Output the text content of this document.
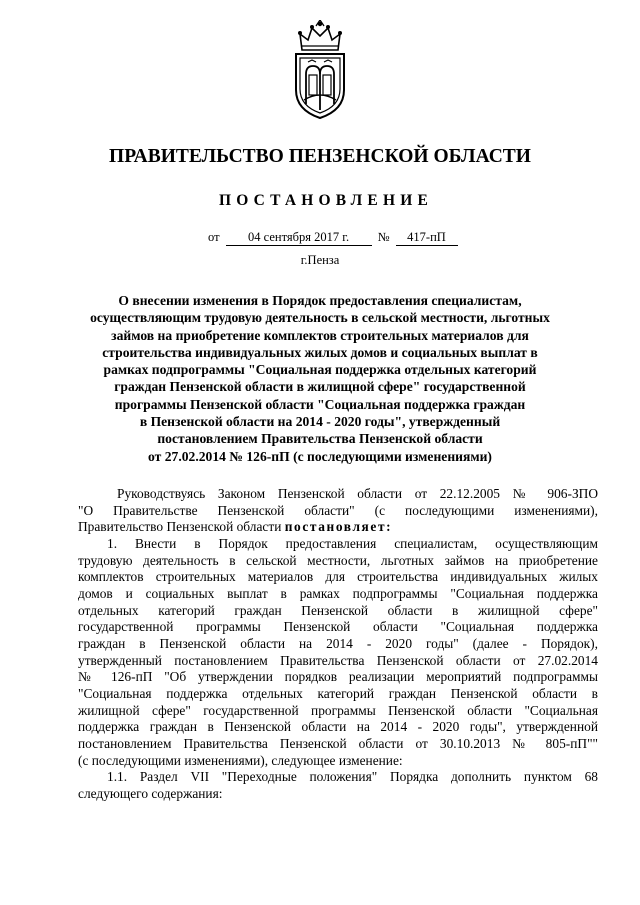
ПРАВИТЕЛЬСТВО ПЕНЗЕНСКОЙ ОБЛАСТИ
ПОСТАНОВЛЕНИЕ
от 04 сентября 2017 г. № 417-пП
г.Пенза
О внесении изменения в Порядок предоставления специалистам,
осуществляющим трудовую деятельность в сельской местности, льготных
займов на приобретение комплектов строительных материалов для
строительства индивидуальных жилых домов и социальных выплат в
рамках подпрограммы "Социальная поддержка отдельных категорий
граждан Пензенской области в жилищной сфере" государственной
программы Пензенской области "Социальная поддержка граждан
в Пензенской области на 2014 - 2020 годы", утвержденный
постановлением Правительства Пензенской области
от 27.02.2014 № 126-пП (с последующими изменениями)
Руководствуясь Законом Пензенской области от 22.12.2005 № 906-ЗПО
"О Правительстве Пензенской области" (с последующими изменениями),
Правительство Пензенской области постановляет:
1. Внести в Порядок предоставления специалистам, осуществляющим
трудовую деятельность в сельской местности, льготных займов на приобретение
комплектов строительных материалов для строительства индивидуальных жилых
домов и социальных выплат в рамках подпрограммы "Социальная поддержка
отдельных категорий граждан Пензенской области в жилищной сфере"
государственной программы Пензенской области "Социальная поддержка
граждан в Пензенской области на 2014 - 2020 годы" (далее - Порядок),
утвержденный постановлением Правительства Пензенской области от 27.02.2014
№ 126-пП "Об утверждении порядков реализации мероприятий подпрограммы
"Социальная поддержка отдельных категорий граждан Пензенской области в
жилищной сфере" государственной программы Пензенской области "Социальная
поддержка граждан в Пензенской области на 2014 - 2020 годы", утвержденной
постановлением Правительства Пензенской области от 30.10.2013 № 805-пП""
(с последующими изменениями), следующее изменение:
1.1. Раздел VII "Переходные положения" Порядка дополнить пунктом 68
следующего содержания:
